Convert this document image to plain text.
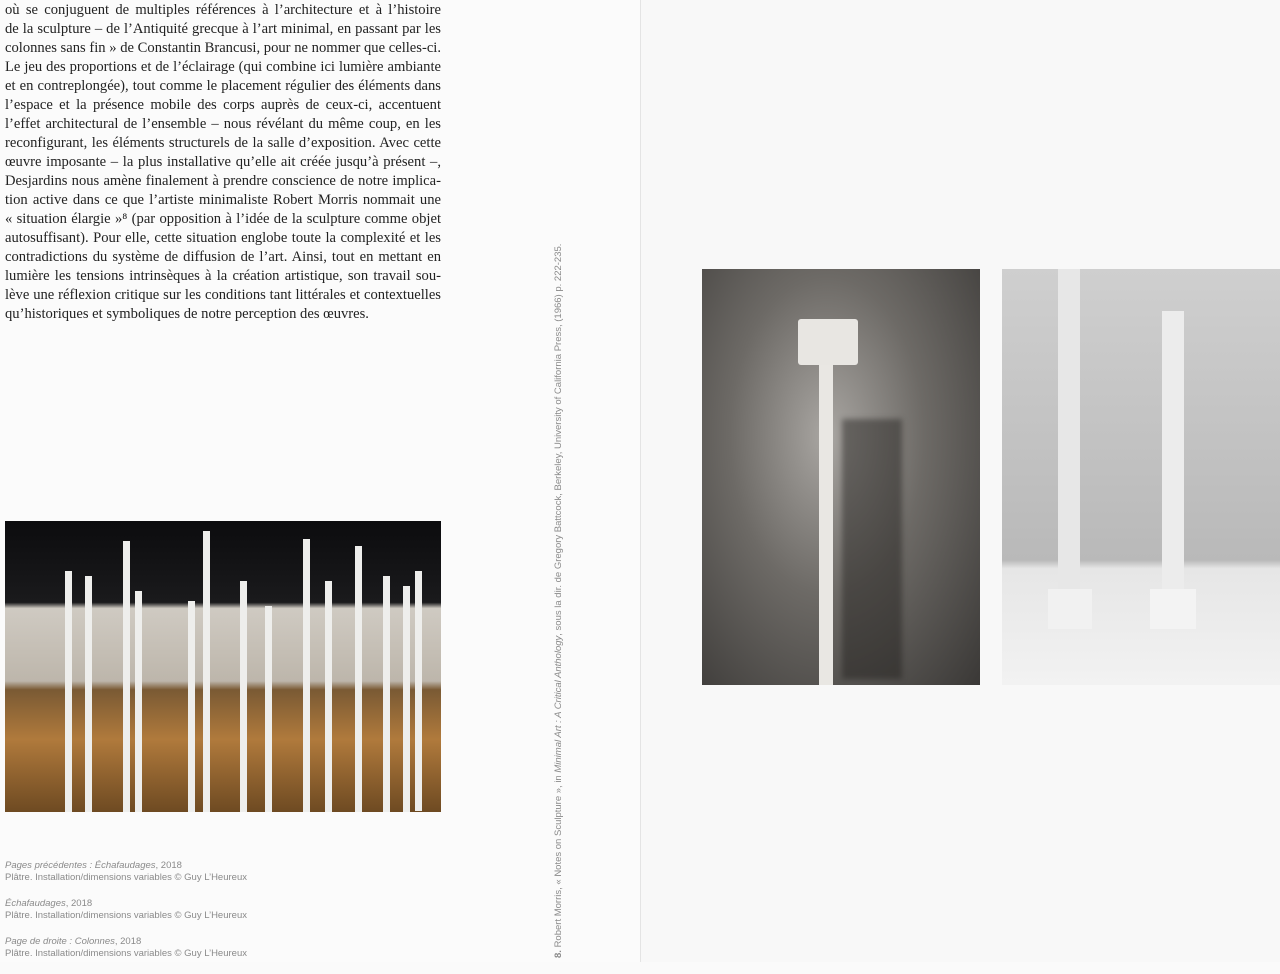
où se conjuguent de multiples références à l’architecture et à l’histoire
de la sculpture – de l’Antiquité grecque à l’art minimal, en passant par les
colonnes sans fin » de Constantin Brancusi, pour ne nommer que celles-ci.
Le jeu des proportions et de l’éclairage (qui combine ici lumière ambiante
et en contreplongée), tout comme le placement régulier des éléments dans
l’espace et la présence mobile des corps auprès de ceux-ci, accentuent
l’effet architectural de l’ensemble – nous révélant du même coup, en les
reconfigurant, les éléments structurels de la salle d’exposition. Avec cette
œuvre imposante – la plus installative qu’elle ait créée jusqu’à présent –,
Desjardins nous amène finalement à prendre conscience de notre implica-
tion active dans ce que l’artiste minimaliste Robert Morris nommait une
« situation élargie »⁸ (par opposition à l’idée de la sculpture comme objet
autosuffisant). Pour elle, cette situation englobe toute la complexité et les
contradictions du système de diffusion de l’art. Ainsi, tout en mettant en
lumière les tensions intrinsèques à la création artistique, son travail sou-
lève une réflexion critique sur les conditions tant littérales et contextuelles
qu’historiques et symboliques de notre perception des œuvres.
8. Robert Morris, « Notes on Sculpture », in Minimal Art : A Critical Anthology, sous la dir. de Gregory Battcock, Berkeley, University of California Press, (1966) p. 222-235.
Pages précédentes : Échafaudages, 2018
Plâtre. Installation/dimensions variables © Guy L’Heureux
Échafaudages, 2018
Plâtre. Installation/dimensions variables © Guy L’Heureux
Page de droite : Colonnes, 2018
Plâtre. Installation/dimensions variables © Guy L’Heureux
